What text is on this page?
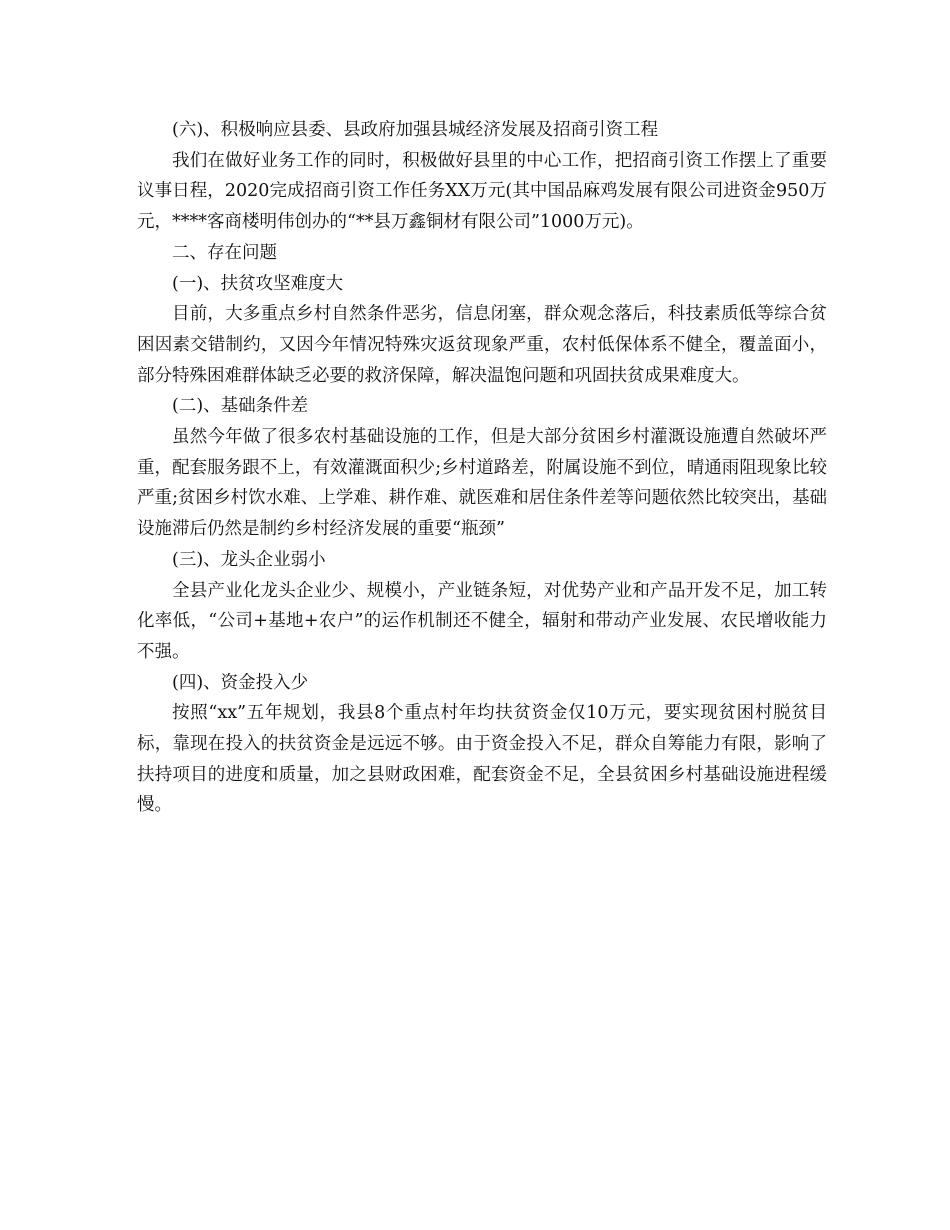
(六)、积极响应县委、县政府加强县城经济发展及招商引资工程

我们在做好业务工作的同时，积极做好县里的中心工作，把招商引资工作摆上了重要议事日程，2020完成招商引资工作任务XX万元(其中国品麻鸡发展有限公司进资金950万元，****客商楼明伟创办的“**县万鑫铜材有限公司”1000万元)。

二、存在问题

(一)、扶贫攻坚难度大

目前，大多重点乡村自然条件恶劣，信息闭塞，群众观念落后，科技素质低等综合贫困因素交错制约，又因今年情况特殊灾返贫现象严重，农村低保体系不健全，覆盖面小，部分特殊困难群体缺乏必要的救济保障，解决温饱问题和巩固扶贫成果难度大。

(二)、基础条件差

虽然今年做了很多农村基础设施的工作，但是大部分贫困乡村灌溉设施遭自然破坏严重，配套服务跟不上，有效灌溉面积少;乡村道路差，附属设施不到位，晴通雨阻现象比较严重;贫困乡村饮水难、上学难、耕作难、就医难和居住条件差等问题依然比较突出，基础设施滞后仍然是制约乡村经济发展的重要“瓶颈”

(三)、龙头企业弱小

全县产业化龙头企业少、规模小，产业链条短，对优势产业和产品开发不足，加工转化率低，“公司+基地+农户”的运作机制还不健全，辐射和带动产业发展、农民增收能力不强。

(四)、资金投入少

按照“xx”五年规划，我县8个重点村年均扶贫资金仅10万元，要实现贫困村脱贫目标，靠现在投入的扶贫资金是远远不够。由于资金投入不足，群众自筹能力有限，影响了扶持项目的进度和质量，加之县财政困难，配套资金不足，全县贫困乡村基础设施进程缓慢。
